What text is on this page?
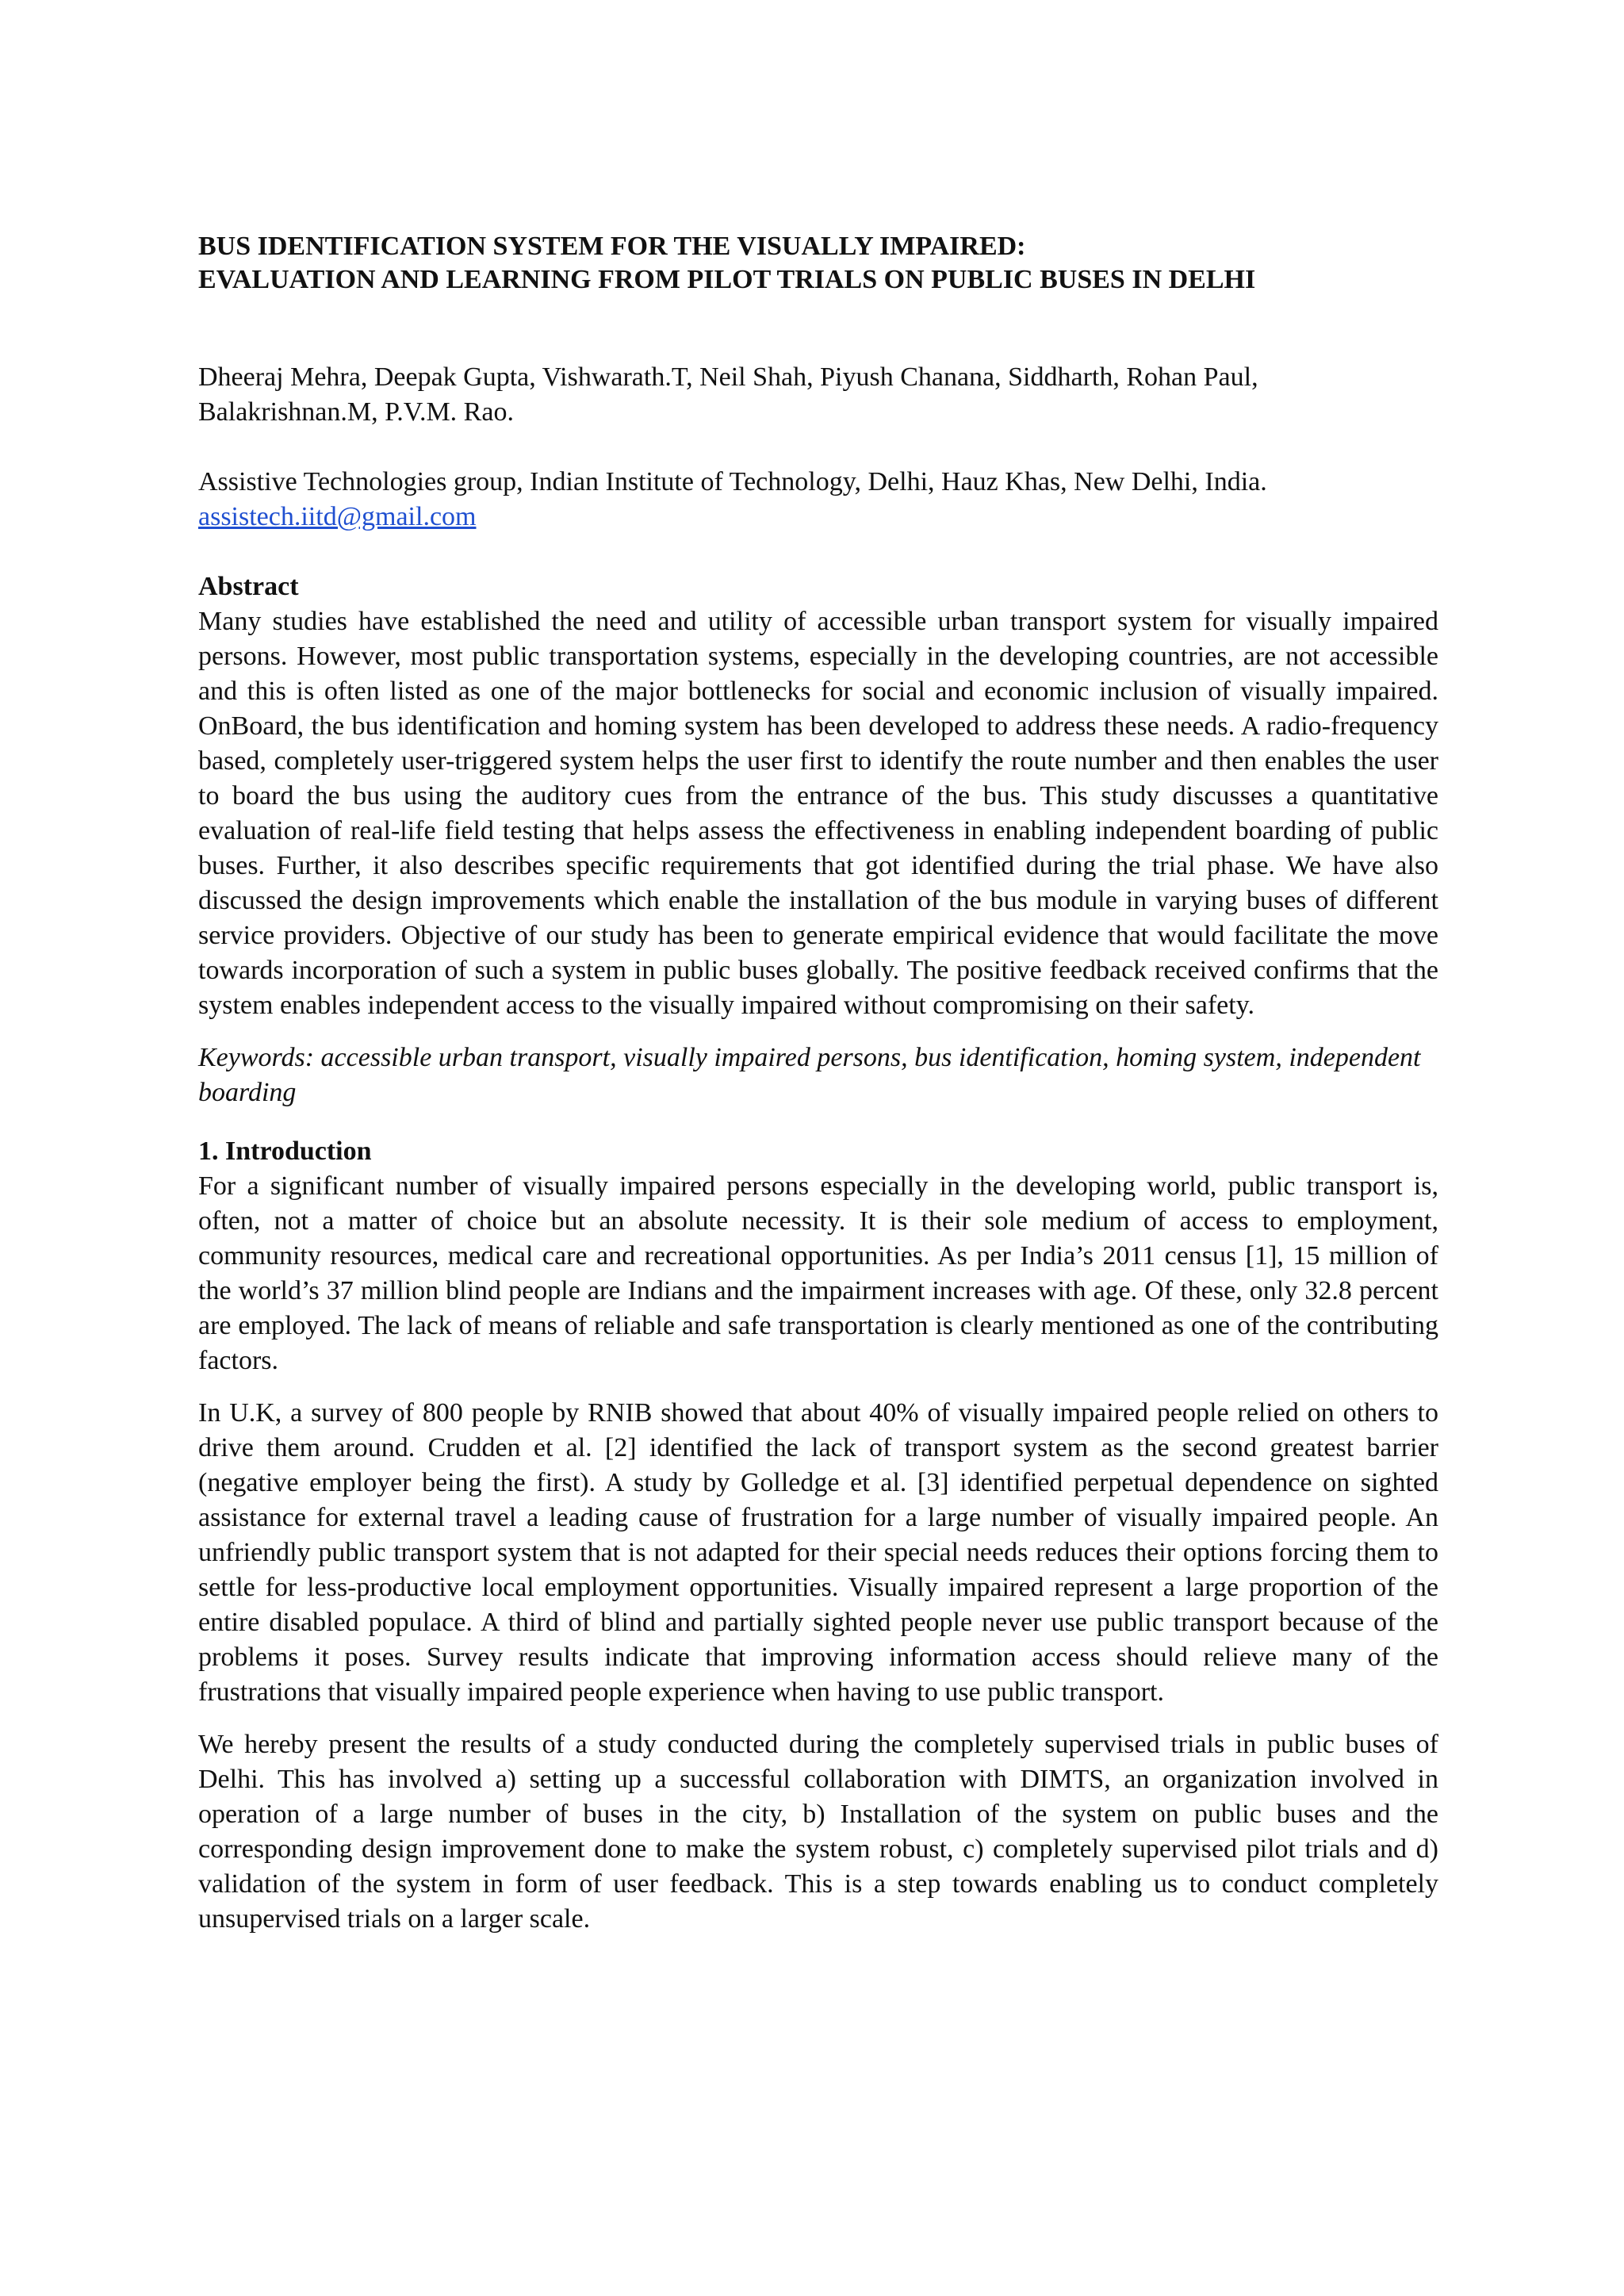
BUS IDENTIFICATION SYSTEM FOR THE VISUALLY IMPAIRED:
EVALUATION AND LEARNING FROM PILOT TRIALS ON PUBLIC BUSES IN DELHI

Dheeraj Mehra, Deepak Gupta, Vishwarath.T, Neil Shah, Piyush Chanana, Siddharth, Rohan Paul, Balakrishnan.M, P.V.M. Rao.

Assistive Technologies group, Indian Institute of Technology, Delhi, Hauz Khas, New Delhi, India.
assistech.iitd@gmail.com

Abstract

Many studies have established the need and utility of accessible urban transport system for visually impaired persons. However, most public transportation systems, especially in the developing countries, are not accessible and this is often listed as one of the major bottlenecks for social and economic inclusion of visually impaired. OnBoard, the bus identification and homing system has been developed to address these needs. A radio-frequency based, completely user-triggered system helps the user first to identify the route number and then enables the user to board the bus using the auditory cues from the entrance of the bus. This study discusses a quantitative evaluation of real-life field testing that helps assess the effectiveness in enabling independent boarding of public buses. Further, it also describes specific requirements that got identified during the trial phase. We have also discussed the design improvements which enable the installation of the bus module in varying buses of different service providers. Objective of our study has been to generate empirical evidence that would facilitate the move towards incorporation of such a system in public buses globally. The positive feedback received confirms that the system enables independent access to the visually impaired without compromising on their safety.

Keywords: accessible urban transport, visually impaired persons, bus identification, homing system, independent boarding

1. Introduction

For a significant number of visually impaired persons especially in the developing world, public transport is, often, not a matter of choice but an absolute necessity. It is their sole medium of access to employment, community resources, medical care and recreational opportunities. As per India’s 2011 census [1], 15 million of the world’s 37 million blind people are Indians and the impairment increases with age. Of these, only 32.8 percent are employed. The lack of means of reliable and safe transportation is clearly mentioned as one of the contributing factors.

In U.K, a survey of 800 people by RNIB showed that about 40% of visually impaired people relied on others to drive them around. Crudden et al. [2] identified the lack of transport system as the second greatest barrier (negative employer being the first). A study by Golledge et al. [3] identified perpetual dependence on sighted assistance for external travel a leading cause of frustration for a large number of visually impaired people. An unfriendly public transport system that is not adapted for their special needs reduces their options forcing them to settle for less-productive local employment opportunities. Visually impaired represent a large proportion of the entire disabled populace. A third of blind and partially sighted people never use public transport because of the problems it poses. Survey results indicate that improving information access should relieve many of the frustrations that visually impaired people experience when having to use public transport.

We hereby present the results of a study conducted during the completely supervised trials in public buses of Delhi. This has involved a) setting up a successful collaboration with DIMTS, an organization involved in operation of a large number of buses in the city, b) Installation of the system on public buses and the corresponding design improvement done to make the system robust, c) completely supervised pilot trials and d) validation of the system in form of user feedback. This is a step towards enabling us to conduct completely unsupervised trials on a larger scale.
